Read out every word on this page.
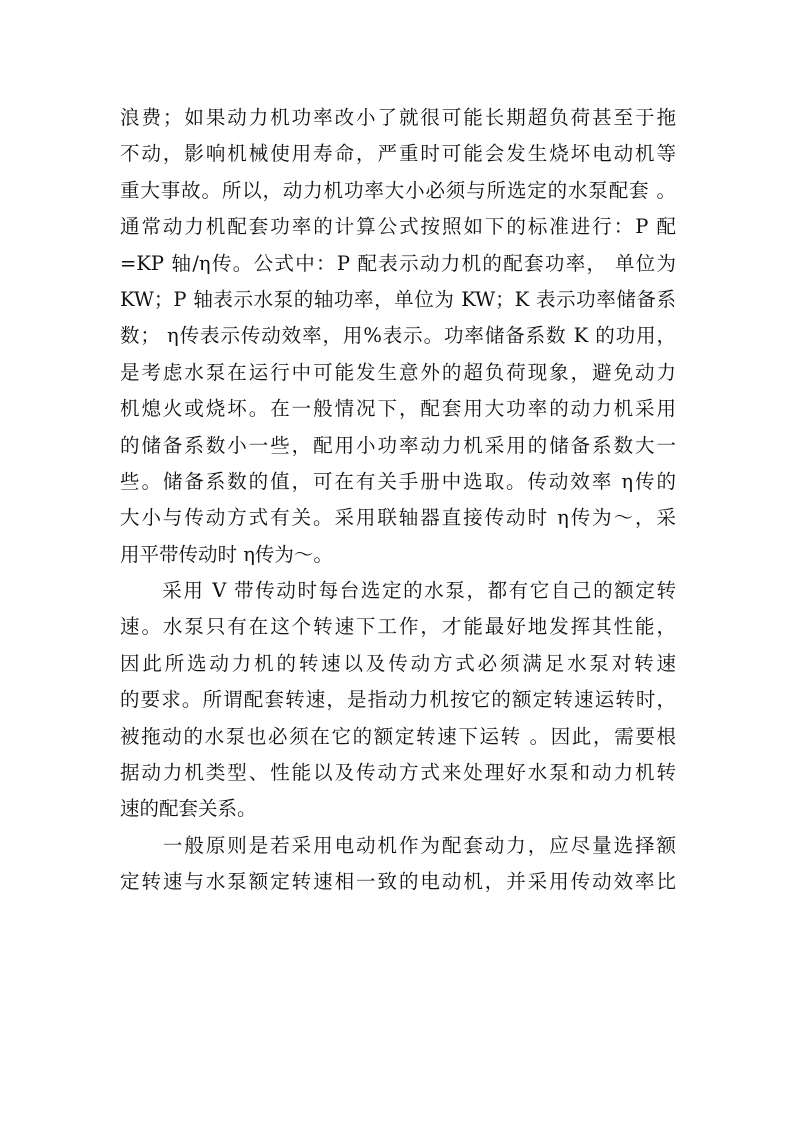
浪费；如果动力机功率改小了就很可能长期超负荷甚至于拖
不动，影响机械使用寿命，严重时可能会发生烧坏电动机等
重大事故。所以，动力机功率大小必须与所选定的水泵配套 。
通常动力机配套功率的计算公式按照如下的标准进行：P 配
=KP 轴/η传。公式中：P 配表示动力机的配套功率， 单位为
KW；P 轴表示水泵的轴功率，单位为 KW；K 表示功率储备系
数； η传表示传动效率，用%表示。功率储备系数 K 的功用，
是考虑水泵在运行中可能发生意外的超负荷现象，避免动力
机熄火或烧坏。在一般情况下，配套用大功率的动力机采用
的储备系数小一些，配用小功率动力机采用的储备系数大一
些。储备系数的值，可在有关手册中选取。传动效率 η传的
大小与传动方式有关。采用联轴器直接传动时 η传为～，采
用平带传动时 η传为～。
　　采用 V 带传动时每台选定的水泵，都有它自己的额定转
速。水泵只有在这个转速下工作，才能最好地发挥其性能，
因此所选动力机的转速以及传动方式必须满足水泵对转速
的要求。所谓配套转速，是指动力机按它的额定转速运转时，
被拖动的水泵也必须在它的额定转速下运转 。因此，需要根
据动力机类型、性能以及传动方式来处理好水泵和动力机转
速的配套关系。
　　一般原则是若采用电动机作为配套动力，应尽量选择额
定转速与水泵额定转速相一致的电动机，并采用传动效率比
